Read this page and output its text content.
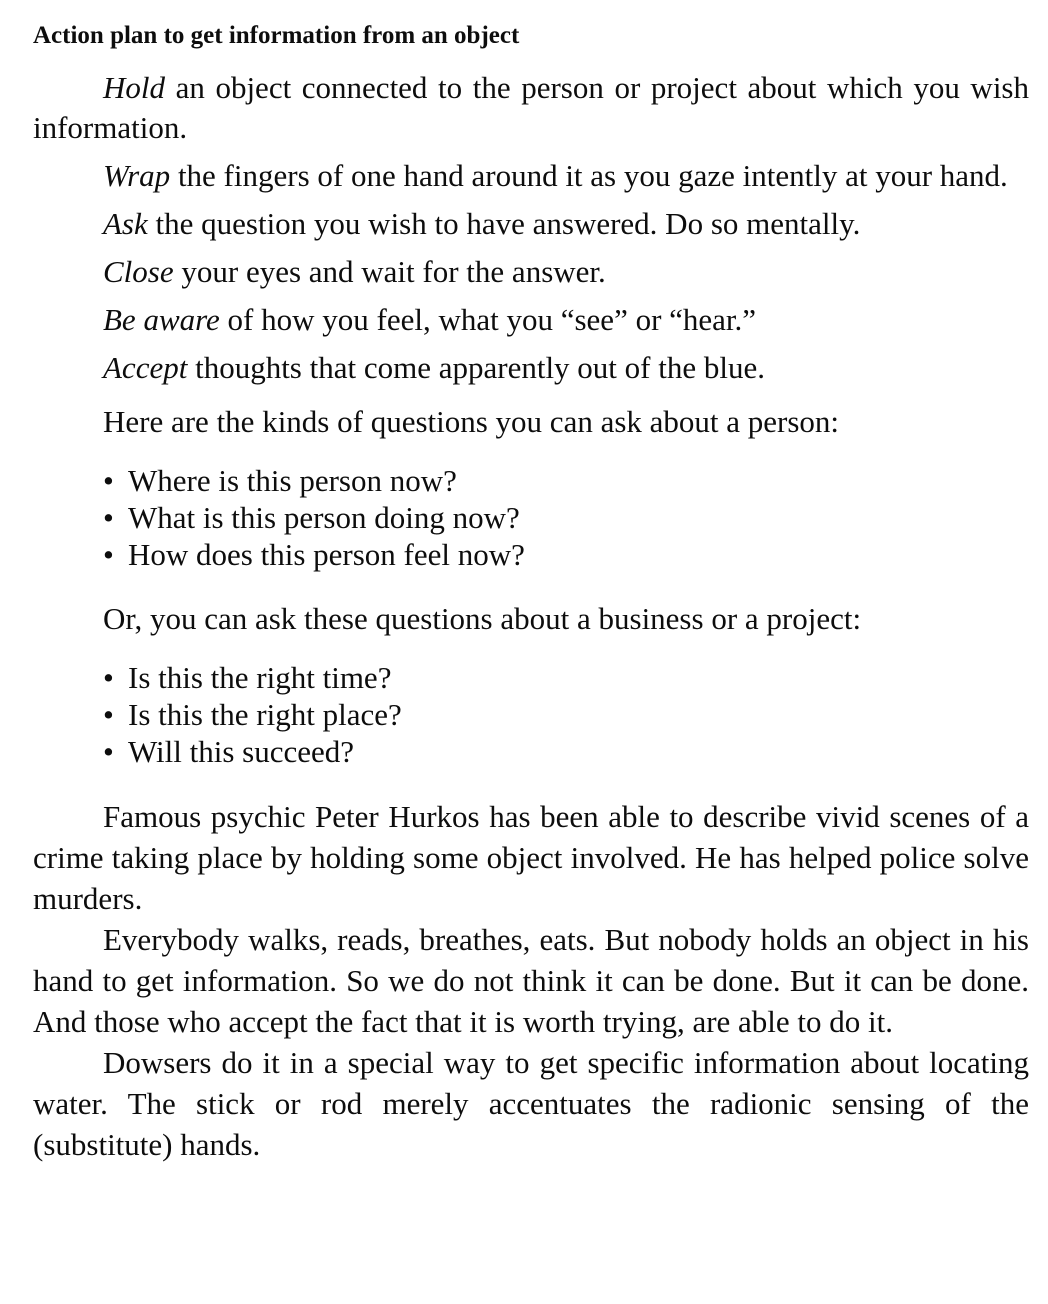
Action plan to get information from an object

Hold an object connected to the person or project about which you wish information.

Wrap the fingers of one hand around it as you gaze intently at your hand.

Ask the question you wish to have answered. Do so mentally.

Close your eyes and wait for the answer.

Be aware of how you feel, what you “see” or “hear.”

Accept thoughts that come apparently out of the blue.

Here are the kinds of questions you can ask about a person:
• Where is this person now?
• What is this person doing now?
• How does this person feel now?
Or, you can ask these questions about a business or a project:
• Is this the right time?
• Is this the right place?
• Will this succeed?

Famous psychic Peter Hurkos has been able to describe vivid scenes of a crime taking place by holding some object involved. He has helped police solve murders.

Everybody walks, reads, breathes, eats. But nobody holds an object in his hand to get information. So we do not think it can be done. But it can be done. And those who accept the fact that it is worth trying, are able to do it.

Dowsers do it in a special way to get specific information about locating water. The stick or rod merely accentuates the radionic sensing of the (substitute) hands.
